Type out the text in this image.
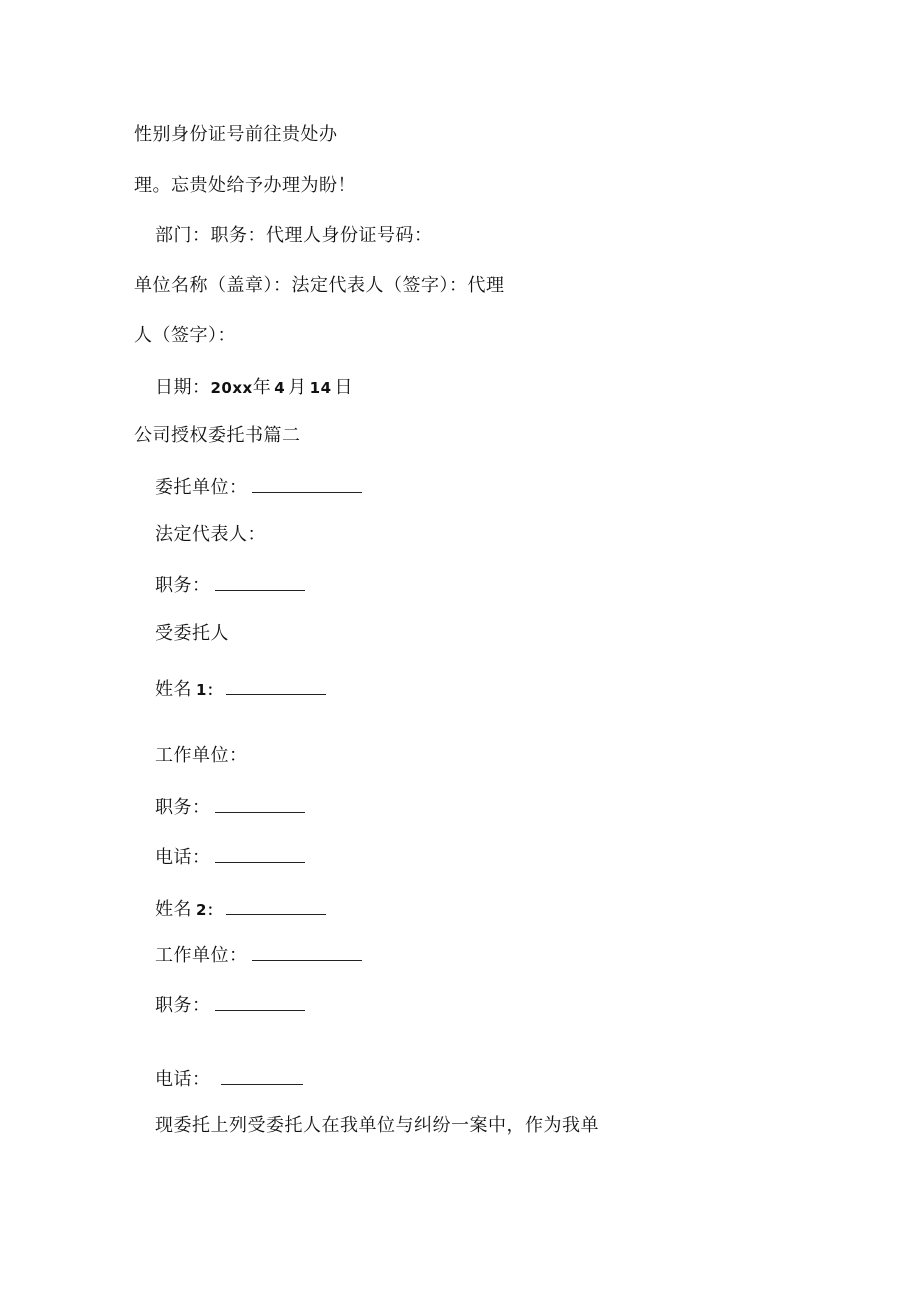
性别身份证号前往贵处办
理。忘贵处给予办理为盼！
部门：职务：代理人身份证号码：
单位名称（盖章）：法定代表人（签字）：代理
人（签字）：
日期：20xx年 4 月 14 日
公司授权委托书篇二
委托单位：
法定代表人：
职务：
受委托人
姓名 1：
工作单位：
职务：
电话：
姓名 2：
工作单位：
职务：
电话：
现委托上列受委托人在我单位与纠纷一案中，作为我单
